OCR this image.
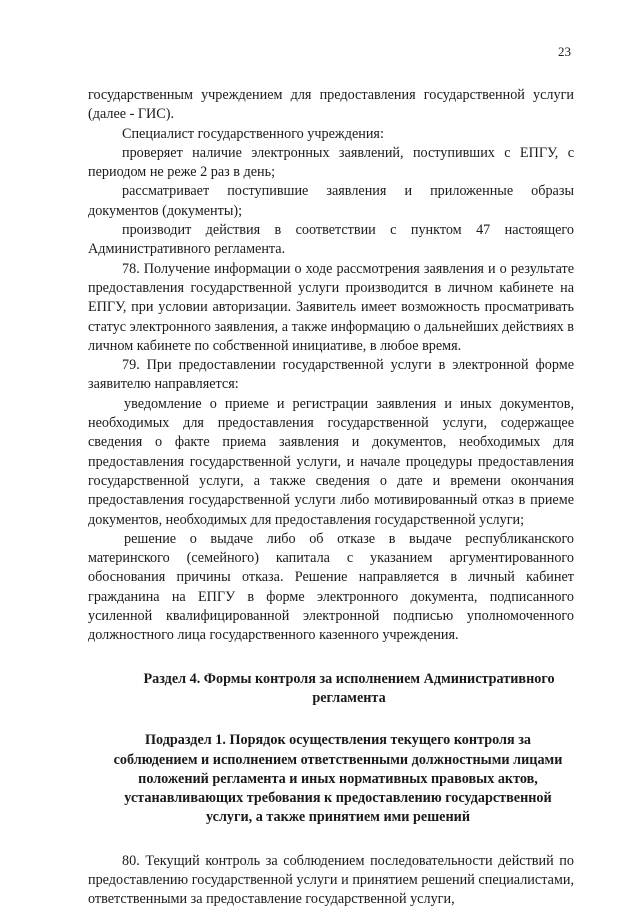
23

государственным учреждением для предоставления государственной услуги (далее - ГИС).

Специалист государственного учреждения:

проверяет наличие электронных заявлений, поступивших с ЕПГУ, с периодом не реже 2 раз в день;

рассматривает поступившие заявления и приложенные образы документов (документы);

производит действия в соответствии с пунктом 47 настоящего Административного регламента.

78. Получение информации о ходе рассмотрения заявления и о результате предоставления государственной услуги производится в личном кабинете на ЕПГУ, при условии авторизации. Заявитель имеет возможность просматривать статус электронного заявления, а также информацию о дальнейших действиях в личном кабинете по собственной инициативе, в любое время.

79. При предоставлении государственной услуги в электронной форме заявителю направляется:

уведомление о приеме и регистрации заявления и иных документов, необходимых для предоставления государственной услуги, содержащее сведения о факте приема заявления и документов, необходимых для предоставления государственной услуги, и начале процедуры предоставления государственной услуги, а также сведения о дате и времени окончания предоставления государственной услуги либо мотивированный отказ в приеме документов, необходимых для предоставления государственной услуги;

решение о выдаче либо об отказе в выдаче республиканского материнского (семейного) капитала с указанием аргументированного обоснования причины отказа. Решение направляется в личный кабинет гражданина на ЕПГУ в форме электронного документа, подписанного усиленной квалифицированной электронной подписью уполномоченного должностного лица государственного казенного учреждения.

Раздел 4. Формы контроля за исполнением Административного регламента
Подраздел 1. Порядок осуществления текущего контроля за соблюдением и исполнением ответственными должностными лицами положений регламента и иных нормативных правовых актов, устанавливающих требования к предоставлению государственной услуги, а также принятием ими решений

80. Текущий контроль за соблюдением последовательности действий по предоставлению государственной услуги и принятием решений специалистами, ответственными за предоставление государственной услуги,
